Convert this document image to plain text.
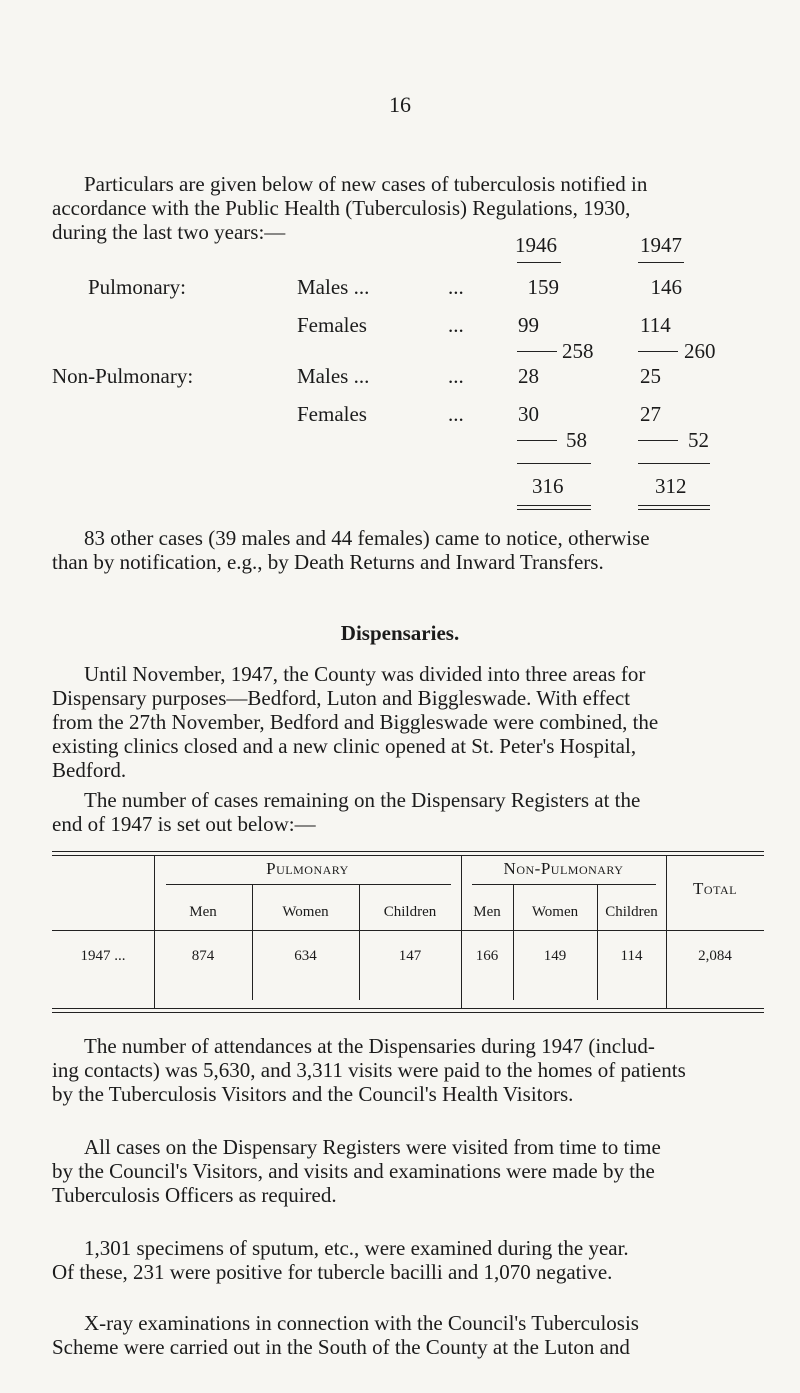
16
Particulars are given below of new cases of tuberculosis notified in
accordance with the Public Health (Tuberculosis) Regulations, 1930,
during the last two years:—
1946	1947
Pulmonary:	Males ...	...	159	146
Females	...	99	114
258	260
Non-Pulmonary:	Males ...	...	28	25
Females	...	30	27
58	52
316	312
83 other cases (39 males and 44 females) came to notice, otherwise
than by notification, e.g., by Death Returns and Inward Transfers.
Dispensaries.
Until November, 1947, the County was divided into three areas for
Dispensary purposes—Bedford, Luton and Biggleswade. With effect
from the 27th November, Bedford and Biggleswade were combined, the
existing clinics closed and a new clinic opened at St. Peter's Hospital,
Bedford.
The number of cases remaining on the Dispensary Registers at the
end of 1947 is set out below:—
Pulmonary	Non-Pulmonary
Total
Men	Women	Children	Men	Women	Children
1947 ...	874	634	147	166	149	114	2,084
The number of attendances at the Dispensaries during 1947 (includ-
ing contacts) was 5,630, and 3,311 visits were paid to the homes of patients
by the Tuberculosis Visitors and the Council's Health Visitors.
All cases on the Dispensary Registers were visited from time to time
by the Council's Visitors, and visits and examinations were made by the
Tuberculosis Officers as required.
1,301 specimens of sputum, etc., were examined during the year.
Of these, 231 were positive for tubercle bacilli and 1,070 negative.
X-ray examinations in connection with the Council's Tuberculosis
Scheme were carried out in the South of the County at the Luton and
